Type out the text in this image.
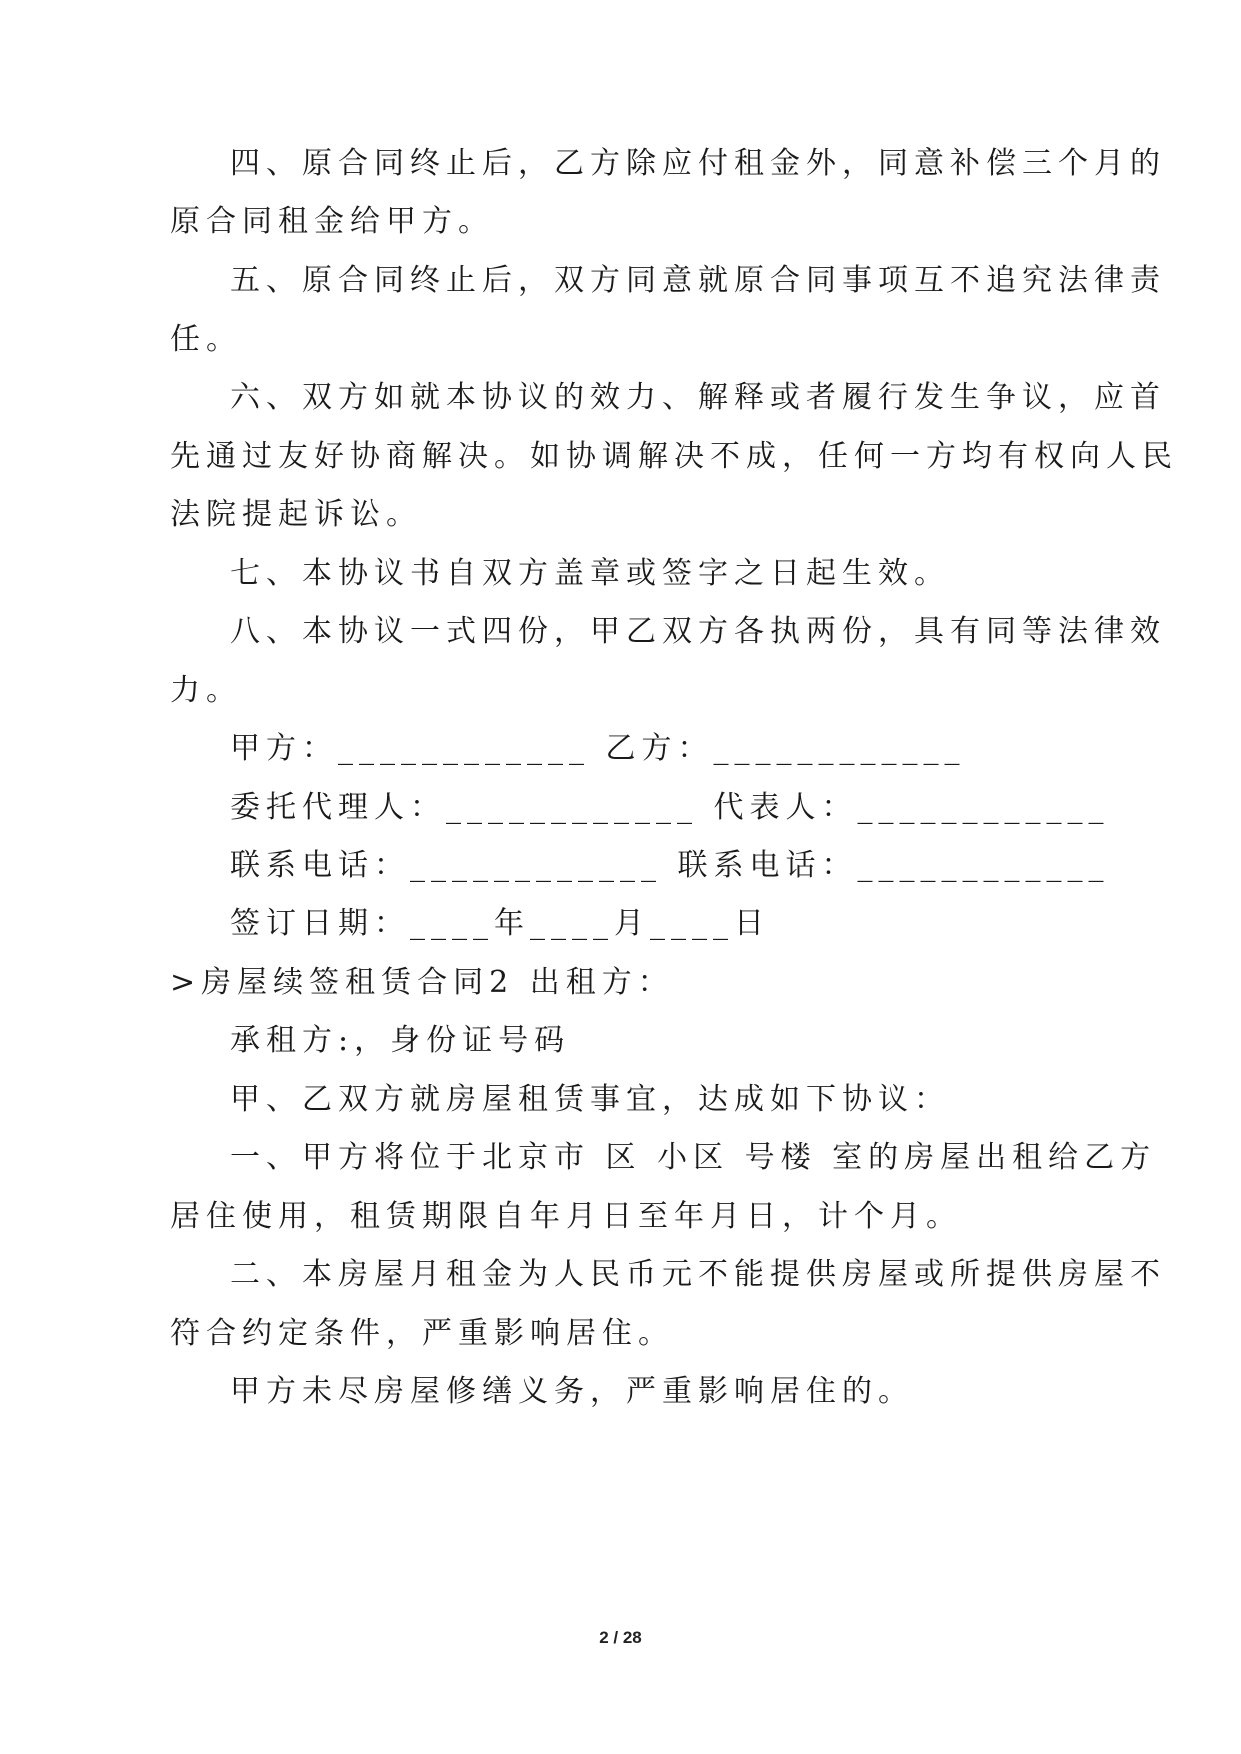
四、原合同终止后，乙方除应付租金外，同意补偿三个月的
原合同租金给甲方。
五、原合同终止后，双方同意就原合同事项互不追究法律责
任。
六、双方如就本协议的效力、解释或者履行发生争议，应首
先通过友好协商解决。如协调解决不成，任何一方均有权向人民
法院提起诉讼。
七、本协议书自双方盖章或签字之日起生效。
八、本协议一式四份，甲乙双方各执两份，具有同等法律效
力。
甲方：____________ 乙方：____________
委托代理人：____________ 代表人：____________
联系电话：____________ 联系电话：____________
签订日期：____年____月____日
>房屋续签租赁合同2 出租方：
承租方:，身份证号码
甲、乙双方就房屋租赁事宜，达成如下协议：
一、甲方将位于北京市 区 小区 号楼 室的房屋出租给乙方
居住使用，租赁期限自年月日至年月日，计个月。
二、本房屋月租金为人民币元不能提供房屋或所提供房屋不
符合约定条件，严重影响居住。
甲方未尽房屋修缮义务，严重影响居住的。
2 / 28
